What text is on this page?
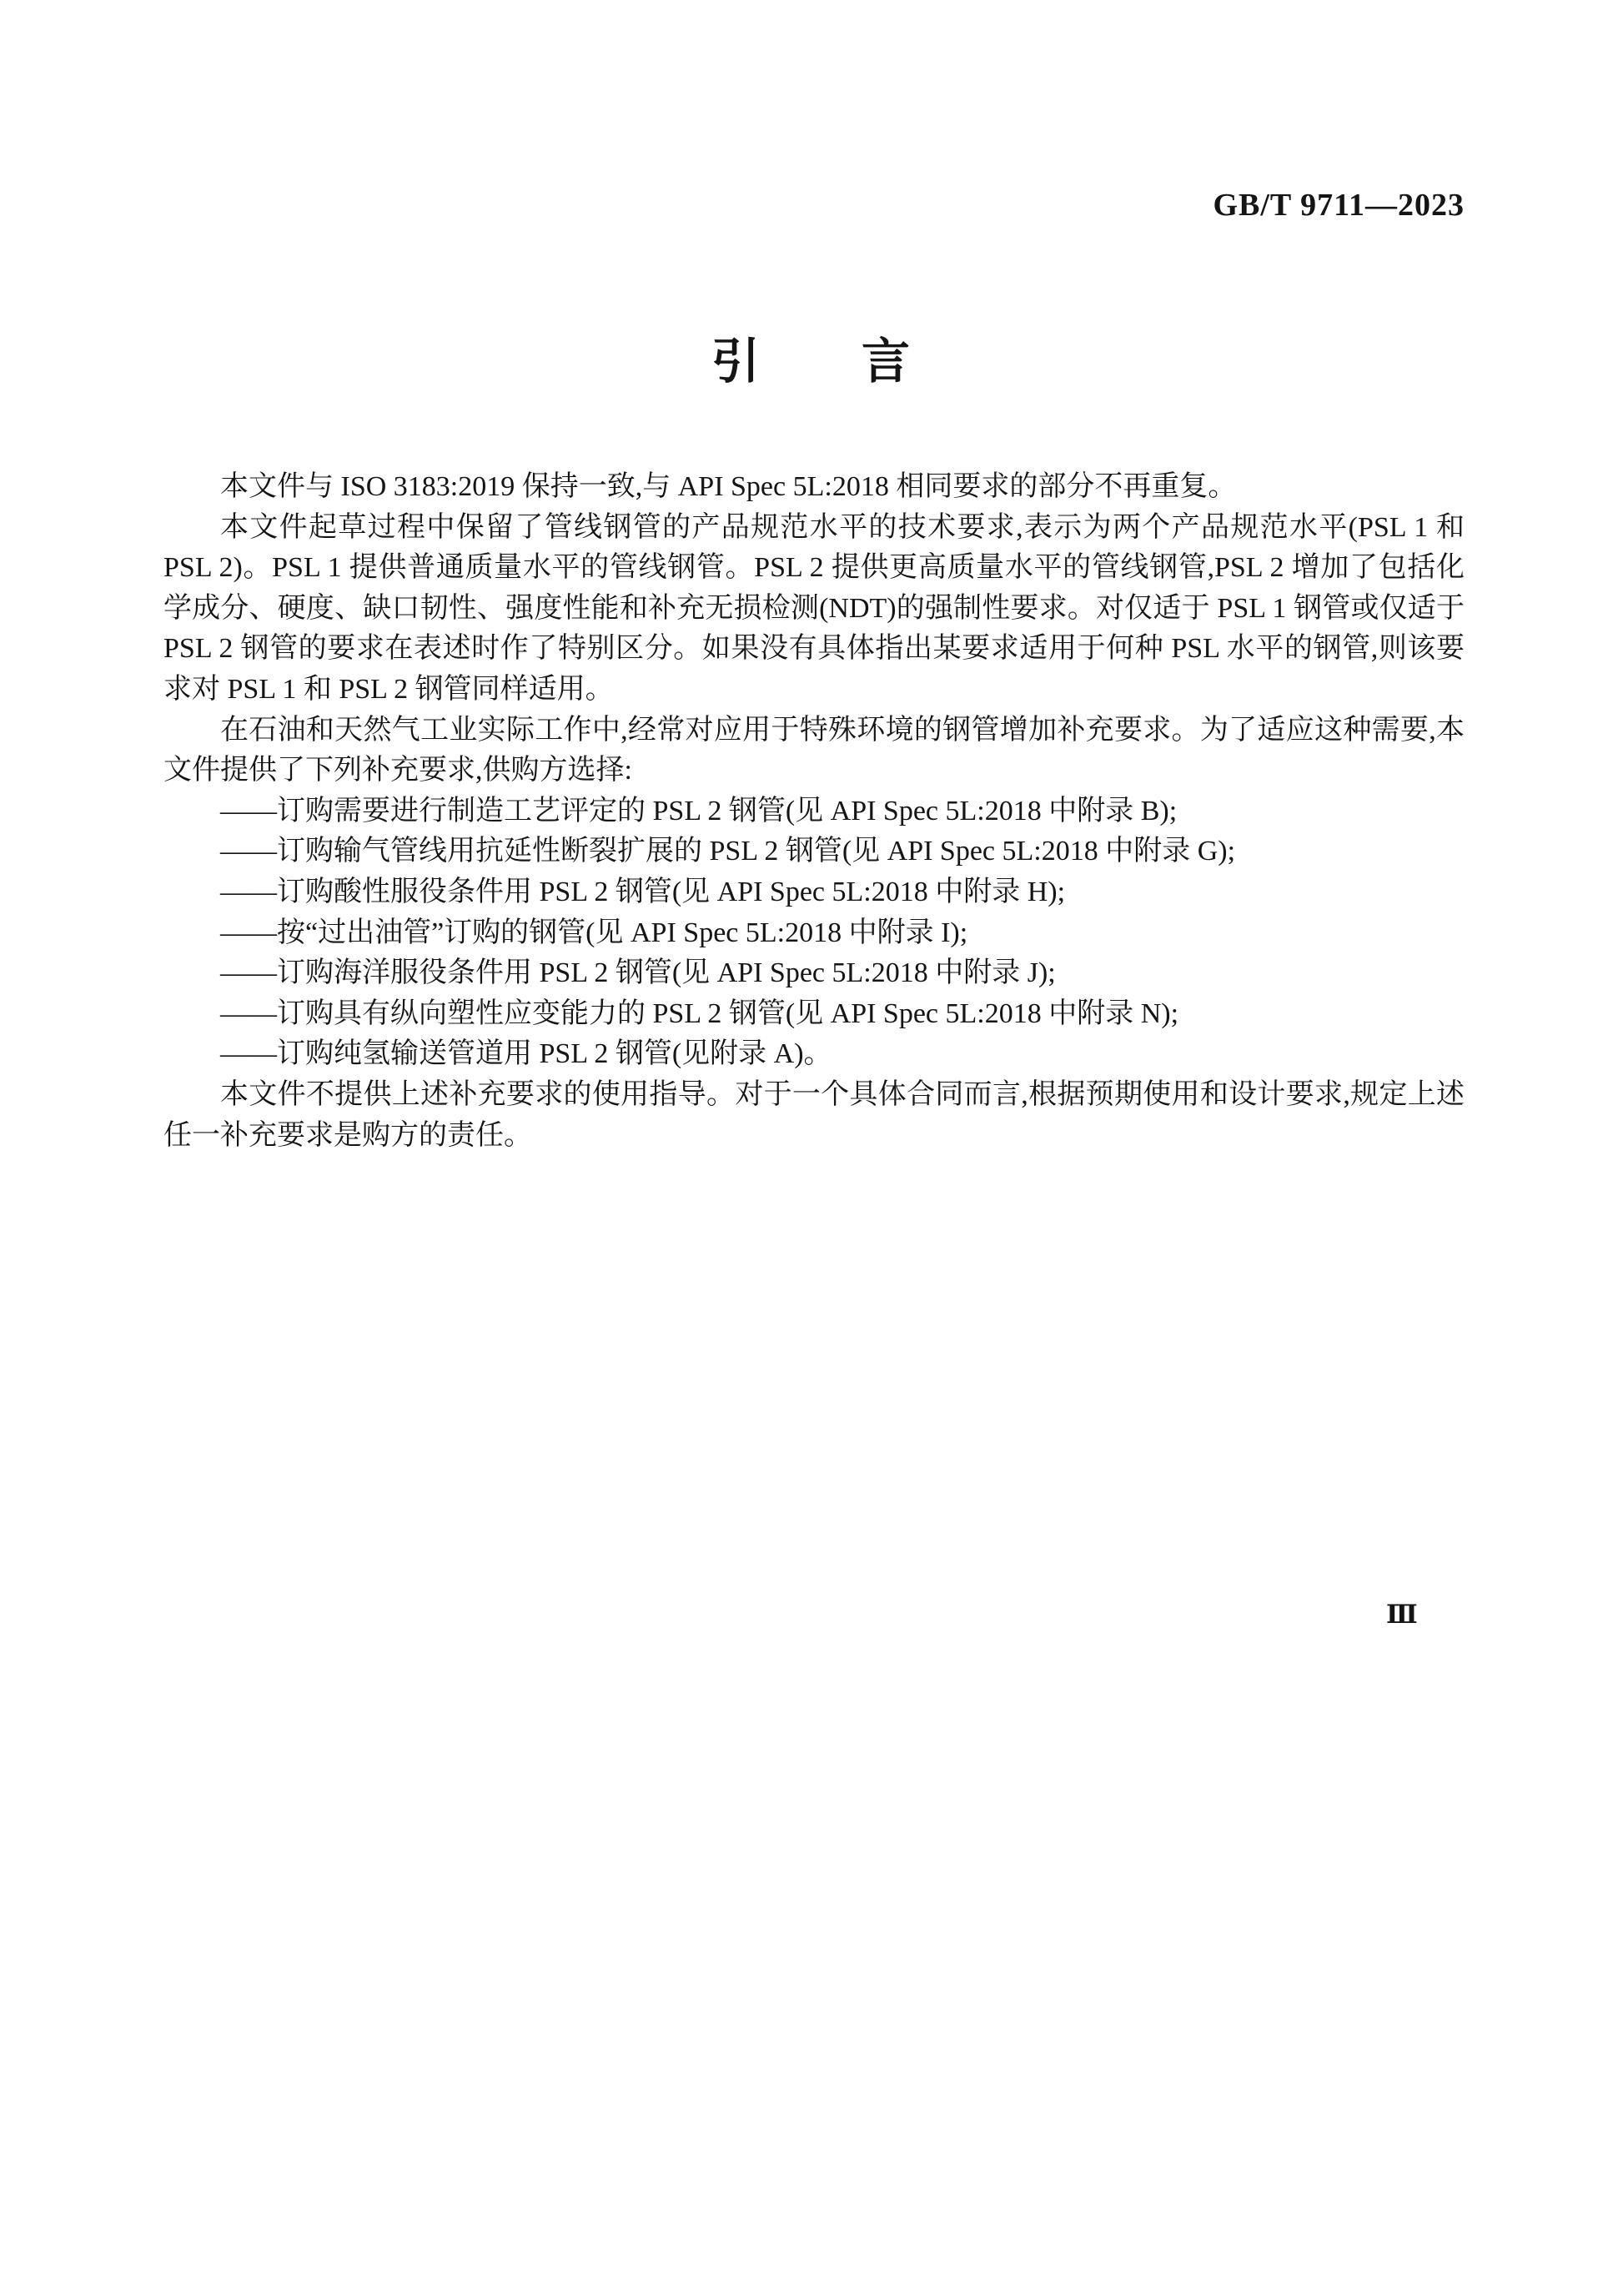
GB/T 9711—2023
引　　言

本文件与 ISO 3183:2019 保持一致,与 API Spec 5L:2018 相同要求的部分不再重复。

本文件起草过程中保留了管线钢管的产品规范水平的技术要求,表示为两个产品规范水平(PSL 1 和 PSL 2)。PSL 1 提供普通质量水平的管线钢管。PSL 2 提供更高质量水平的管线钢管,PSL 2 增加了包括化学成分、硬度、缺口韧性、强度性能和补充无损检测(NDT)的强制性要求。对仅适于 PSL 1 钢管或仅适于 PSL 2 钢管的要求在表述时作了特别区分。如果没有具体指出某要求适用于何种 PSL 水平的钢管,则该要求对 PSL 1 和 PSL 2 钢管同样适用。

在石油和天然气工业实际工作中,经常对应用于特殊环境的钢管增加补充要求。为了适应这种需要,本文件提供了下列补充要求,供购方选择:

——订购需要进行制造工艺评定的 PSL 2 钢管(见 API Spec 5L:2018 中附录 B);

——订购输气管线用抗延性断裂扩展的 PSL 2 钢管(见 API Spec 5L:2018 中附录 G);

——订购酸性服役条件用 PSL 2 钢管(见 API Spec 5L:2018 中附录 H);

——按“过出油管”订购的钢管(见 API Spec 5L:2018 中附录 I);

——订购海洋服役条件用 PSL 2 钢管(见 API Spec 5L:2018 中附录 J);

——订购具有纵向塑性应变能力的 PSL 2 钢管(见 API Spec 5L:2018 中附录 N);

——订购纯氢输送管道用 PSL 2 钢管(见附录 A)。

本文件不提供上述补充要求的使用指导。对于一个具体合同而言,根据预期使用和设计要求,规定上述任一补充要求是购方的责任。

Ⅲ
